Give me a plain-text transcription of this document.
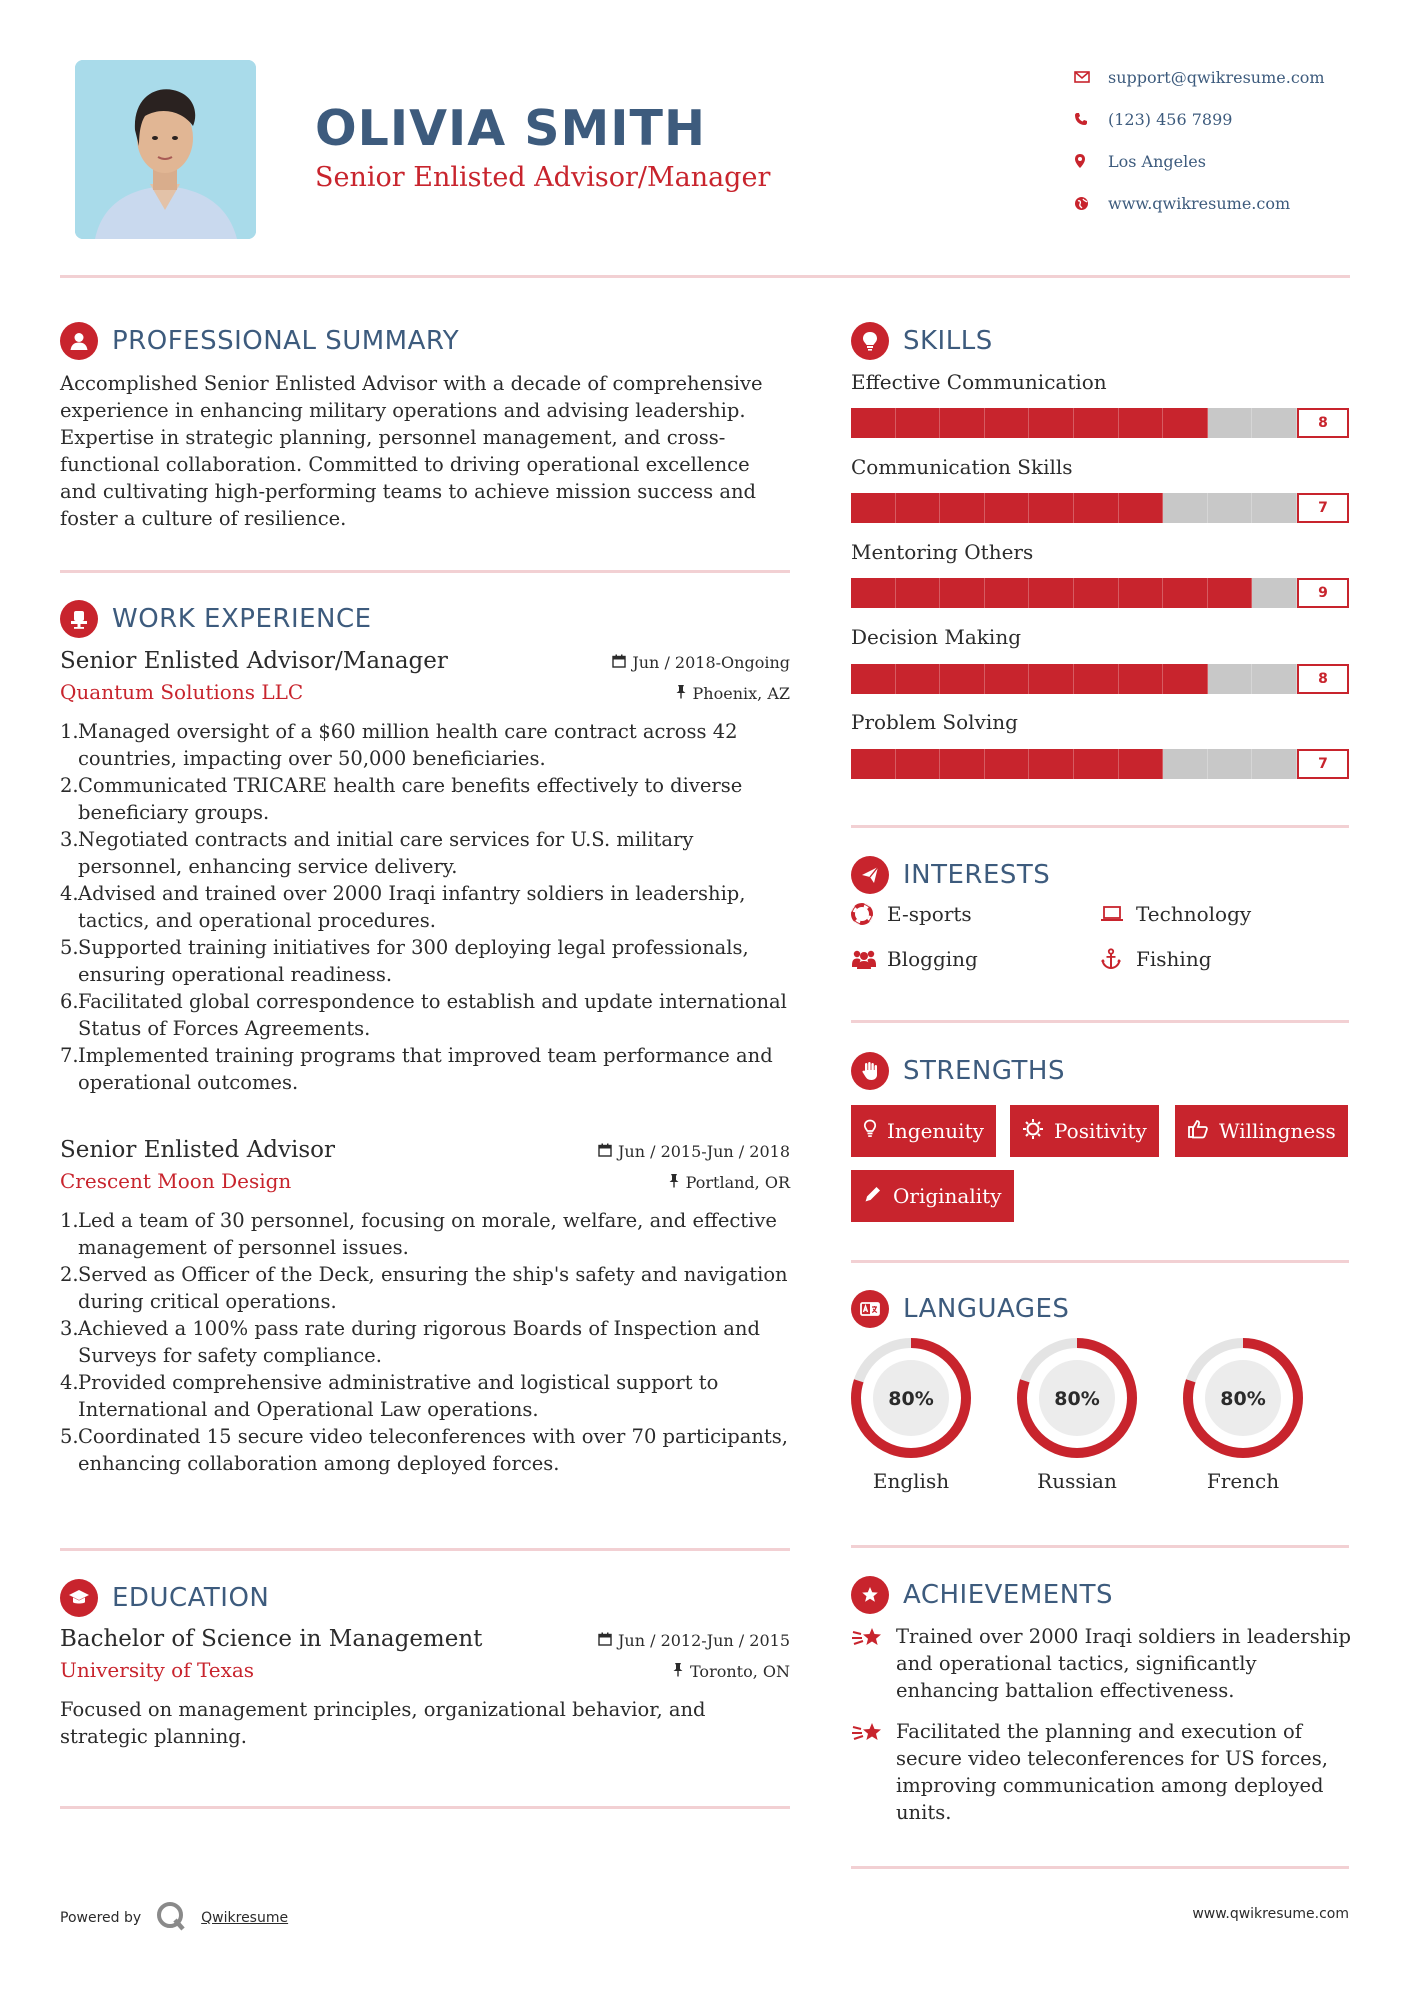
OLIVIA SMITH
Senior Enlisted Advisor/Manager
support@qwikresume.com
(123) 456 7899
Los Angeles
www.qwikresume.com
PROFESSIONAL SUMMARY
Accomplished Senior Enlisted Advisor with a decade of comprehensive experience in enhancing military operations and advising leadership. Expertise in strategic planning, personnel management, and cross-functional collaboration. Committed to driving operational excellence and cultivating high-performing teams to achieve mission success and foster a culture of resilience.
WORK EXPERIENCE
Senior Enlisted Advisor/Manager	Jun / 2018-Ongoing
Quantum Solutions LLC	Phoenix, AZ
1. Managed oversight of a $60 million health care contract across 42 countries, impacting over 50,000 beneficiaries.
2. Communicated TRICARE health care benefits effectively to diverse beneficiary groups.
3. Negotiated contracts and initial care services for U.S. military personnel, enhancing service delivery.
4. Advised and trained over 2000 Iraqi infantry soldiers in leadership, tactics, and operational procedures.
5. Supported training initiatives for 300 deploying legal professionals, ensuring operational readiness.
6. Facilitated global correspondence to establish and update international Status of Forces Agreements.
7. Implemented training programs that improved team performance and operational outcomes.
Senior Enlisted Advisor	Jun / 2015-Jun / 2018
Crescent Moon Design	Portland, OR
1. Led a team of 30 personnel, focusing on morale, welfare, and effective management of personnel issues.
2. Served as Officer of the Deck, ensuring the ship's safety and navigation during critical operations.
3. Achieved a 100% pass rate during rigorous Boards of Inspection and Surveys for safety compliance.
4. Provided comprehensive administrative and logistical support to International and Operational Law operations.
5. Coordinated 15 secure video teleconferences with over 70 participants, enhancing collaboration among deployed forces.
EDUCATION
Bachelor of Science in Management	Jun / 2012-Jun / 2015
University of Texas	Toronto, ON
Focused on management principles, organizational behavior, and strategic planning.
SKILLS
Effective Communication
8
Communication Skills
7
Mentoring Others
9
Decision Making
8
Problem Solving
7
INTERESTS
E-sports	Technology
Blogging	Fishing
STRENGTHS
Ingenuity	Positivity	Willingness
Originality
LANGUAGES
80%
English
80%
Russian
80%
French
ACHIEVEMENTS
Trained over 2000 Iraqi soldiers in leadership and operational tactics, significantly enhancing battalion effectiveness.
Facilitated the planning and execution of secure video teleconferences for US forces, improving communication among deployed units.
Powered by	Qwikresume	www.qwikresume.com
